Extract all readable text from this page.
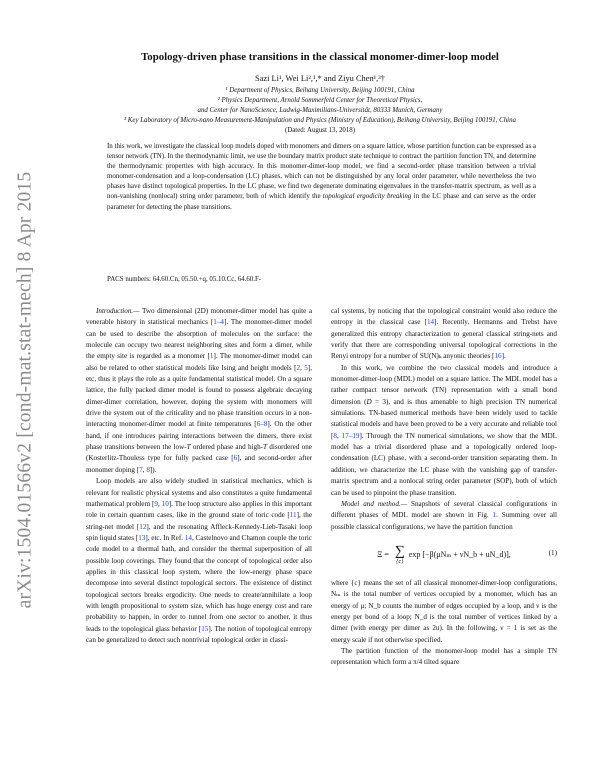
arXiv:1504.01566v2 [cond-mat.stat-mech] 8 Apr 2015
Topology-driven phase transitions in the classical monomer-dimer-loop model
Sazi Li¹, Wei Li²,¹,* and Ziyu Chen¹,³†
¹ Department of Physics, Beihang University, Beijing 100191, China
² Physics Department, Arnold Sommerfeld Center for Theoretical Physics,
and Center for NanoScience, Ludwig-Maximilians-Universität, 80333 Munich, Germany
³ Key Laboratory of Micro-nano Measurement-Manipulation and Physics (Ministry of Education), Beihang University, Beijing 100191, China
(Dated: August 13, 2018)
In this work, we investigate the classical loop models doped with monomers and dimers on a square lattice, whose partition function can be expressed as a tensor network (TN). In the thermodynamic limit, we use the boundary matrix product state technique to contract the partition function TN, and determine the thermodynamic properties with high accuracy. In this monomer-dimer-loop model, we find a second-order phase transition between a trivial monomer-condensation and a loop-condensation (LC) phases, which can not be distinguished by any local order parameter, while nevertheless the two phases have distinct topological properties. In the LC phase, we find two degenerate dominating eigenvalues in the transfer-matrix spectrum, as well as a non-vanishing (nonlocal) string order parameter, both of which identify the topological ergodicity breaking in the LC phase and can serve as the order parameter for detecting the phase transitions.
PACS numbers: 64.60.Cn, 05.50.+q, 05.10.Cc, 64.60.F-

Introduction.— Two dimensional (2D) monomer-dimer model has quite a venerable history in statistical mechanics [1–4]. The monomer-dimer model can be used to describe the absorption of molecules on the surface: the molecule can occupy two nearest neighboring sites and form a dimer, while the empty site is regarded as a monomer [1]. The monomer-dimer model can also be related to other statistical models like Ising and height models [2, 5], etc, thus it plays the role as a quite fundamental statistical model. On a square lattice, the fully packed dimer model is found to possess algebraic decaying dimer-dimer correlation, however, doping the system with monomers will drive the system out of the criticality and no phase transition occurs in a non-interacting monomer-dimer model at finite temperatures [6–8]. On the other hand, if one introduces pairing interactions between the dimers, there exist phase transitions between the low-T ordered phase and high-T disordered one (Kosterlitz-Thouless type for fully packed case [6], and second-order after monomer doping [7, 8]).

Loop models are also widely studied in statistical mechanics, which is relevant for realistic physical systems and also constitutes a quite fundamental mathematical problem [9, 10]. The loop structure also applies in this important role in certain quantum cases, like in the ground state of toric code [11], the string-net model [12], and the resonating Affleck-Kennedy-Lieb-Tasaki loop spin liquid states [13], etc. In Ref. 14, Castelnovo and Chamon couple the toric code model to a thermal bath, and consider the thermal superposition of all possible loop coverings. They found that the concept of topological order also applies in this classical loop system, where the low-energy phase space decompose into several distinct topological sectors. The existence of distinct topological sectors breaks ergodicity. One needs to create/annihilate a loop with length propositional to system size, which has huge energy cost and rare probability to happen, in order to tunnel from one sector to another, it thus leads to the topological glass behavior [15]. The notion of topological entropy can be generalized to detect such nontrivial topological order in classi-

cal systems, by noticing that the topological constraint would also reduce the entropy in the classical case [14]. Recently, Hermanns and Trebst have generalized this entropy characterization to general classical string-nets and verify that there are corresponding universal topological corrections in the Renyi entropy for a number of SU(N)ₖ anyonic theories [16].

In this work, we combine the two classical models and introduce a monomer-dimer-loop (MDL) model on a square lattice. The MDL model has a rather compact tensor network (TN) representation with a small bond dimension (D = 3), and is thus amenable to high precision TN numerical simulations. TN-based numerical methods have been widely used to tackle statistical models and have been proved to be a very accurate and reliable tool [8, 17–19]. Through the TN numerical simulations, we show that the MDL model has a trivial disordered phase and a topologically ordered loop-condensation (LC) phase, with a second-order transition separating them. In addition, we characterize the LC phase with the vanishing gap of transfer-matrix spectrum and a nonlocal string order parameter (SOP), both of which can be used to pinpoint the phase transition.

Model and method.— Snapshots of several classical configurations in different phases of MDL model are shown in Fig. 1. Summing over all possible classical configurations, we have the partition function

Ξ = ∑
{c}
exp [−β(μNₘ + νN_b + uN_d)],	(1)

where {c} means the set of all classical monomer-dimer-loop configurations, Nₘ is the total number of vertices occupied by a monomer, which has an energy of μ; N_b counts the number of edges occupied by a loop, and ν is the energy per bond of a loop; N_d is the total number of vertices linked by a dimer (with energy per dimer as 2u). In the following, ν = 1 is set as the energy scale if not otherwise specified.

The partition function of the monomer-loop model has a simple TN representation which form a π/4 tilted square
